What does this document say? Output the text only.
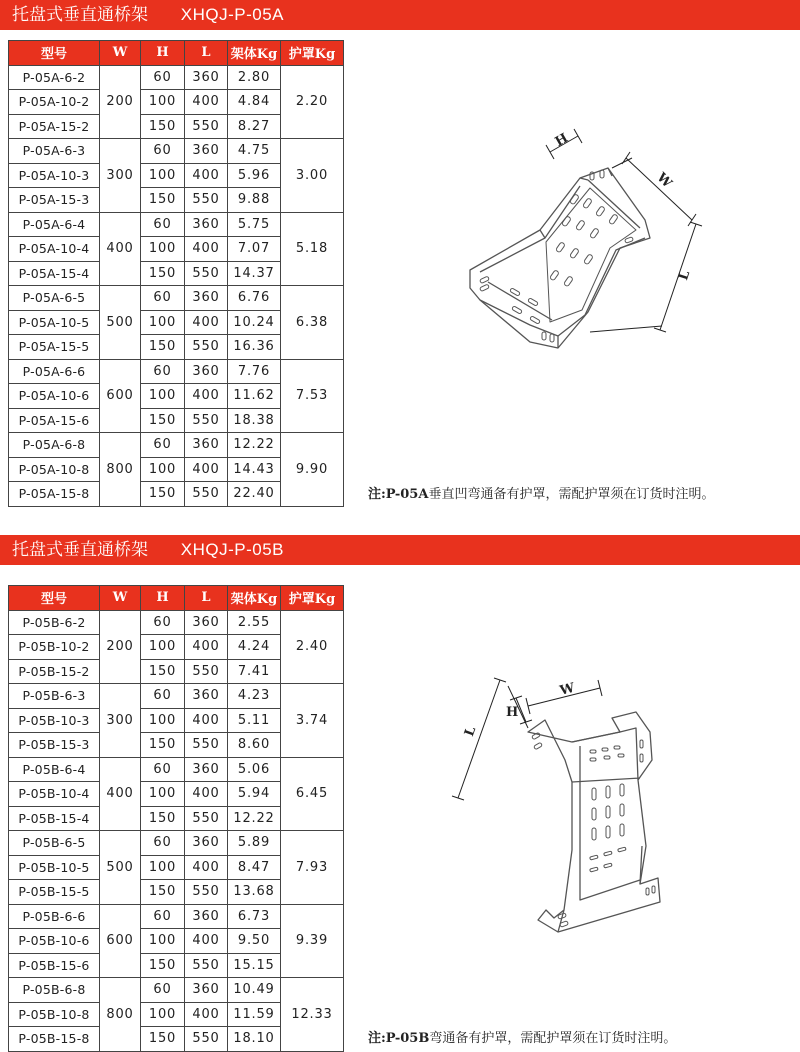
托盘式垂直通桥架 XHQJ-P-05A
型号	W	H	L	架体Kg	护罩Kg
P-05A-6-2	200	60	360	2.80	2.20
P-05A-10-2		100	400	4.84	
P-05A-15-2		150	550	8.27	
P-05A-6-3	300	60	360	4.75	3.00
P-05A-10-3		100	400	5.96	
P-05A-15-3		150	550	9.88	
P-05A-6-4	400	60	360	5.75	5.18
P-05A-10-4		100	400	7.07	
P-05A-15-4		150	550	14.37	
P-05A-6-5	500	60	360	6.76	6.38
P-05A-10-5		100	400	10.24	
P-05A-15-5		150	550	16.36	
P-05A-6-6	600	60	360	7.76	7.53
P-05A-10-6		100	400	11.62	
P-05A-15-6		150	550	18.38	
P-05A-6-8	800	60	360	12.22	9.90
P-05A-10-8		100	400	14.43	
P-05A-15-8		150	550	22.40	
H
W
L
注:P-05A垂直凹弯通备有护罩，需配护罩须在订货时注明。
托盘式垂直通桥架 XHQJ-P-05B
型号	W	H	L	架体Kg	护罩Kg
P-05B-6-2	200	60	360	2.55	2.40
P-05B-10-2		100	400	4.24	
P-05B-15-2		150	550	7.41	
P-05B-6-3	300	60	360	4.23	3.74
P-05B-10-3		100	400	5.11	
P-05B-15-3		150	550	8.60	
P-05B-6-4	400	60	360	5.06	6.45
P-05B-10-4		100	400	5.94	
P-05B-15-4		150	550	12.22	
P-05B-6-5	500	60	360	5.89	7.93
P-05B-10-5		100	400	8.47	
P-05B-15-5		150	550	13.68	
P-05B-6-6	600	60	360	6.73	9.39
P-05B-10-6		100	400	9.50	
P-05B-15-6		150	550	15.15	
P-05B-6-8	800	60	360	10.49	12.33
P-05B-10-8		100	400	11.59	
P-05B-15-8		150	550	18.10	
W
H
L
注:P-05B弯通备有护罩，需配护罩须在订货时注明。
